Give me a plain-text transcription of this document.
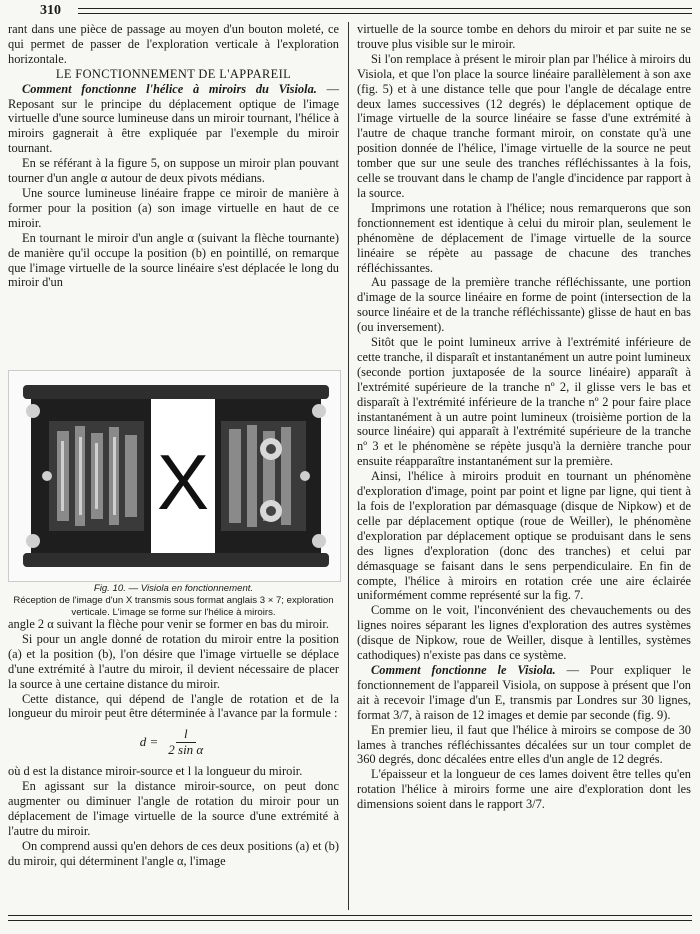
310

rant dans une pièce de passage au moyen d'un bouton moleté, ce qui permet de passer de l'exploration verticale à l'exploration horizontale.

LE FONCTIONNEMENT DE L'APPAREIL

Comment fonctionne l'hélice à miroirs du Visiola. — Reposant sur le principe du déplacement optique de l'image virtuelle d'une source lumineuse dans un miroir tournant, l'hélice à miroirs gagnerait à être expliquée par l'exemple du miroir tournant.

En se référant à la figure 5, on suppose un miroir plan pouvant tourner d'un angle α autour de deux pivots médians.

Une source lumineuse linéaire frappe ce miroir de manière à former pour la position (a) son image virtuelle en haut de ce miroir.

En tournant le miroir d'un angle α (suivant la flèche tournante) de manière qu'il occupe la position (b) en pointillé, on remarque que l'image virtuelle de la source linéaire s'est déplacée le long du miroir d'un

X
Fig. 10. — Visiola en fonctionnement.
Réception de l'image d'un X transmis sous format anglais 3 × 7; exploration verticale. L'image se forme sur l'hélice à miroirs.

angle 2 α suivant la flèche pour venir se former en bas du miroir.

Si pour un angle donné de rotation du miroir entre la position (a) et la position (b), l'on désire que l'image virtuelle se déplace d'une extrémité à l'autre du miroir, il devient nécessaire de placer la source à une certaine distance du miroir.

Cette distance, qui dépend de l'angle de rotation et de la longueur du miroir peut être déterminée à l'avance par la formule :

$d = \frac{l}{\text{2 sin α}}$

où d est la distance miroir-source et l la longueur du miroir.

En agissant sur la distance miroir-source, on peut donc augmenter ou diminuer l'angle de rotation du miroir pour un déplacement de l'image virtuelle de la source d'une extrémité à l'autre du miroir.

On comprend aussi qu'en dehors de ces deux positions (a) et (b) du miroir, qui déterminent l'angle α, l'image

virtuelle de la source tombe en dehors du miroir et par suite ne se trouve plus visible sur le miroir.

Si l'on remplace à présent le miroir plan par l'hélice à miroirs du Visiola, et que l'on place la source linéaire parallèlement à son axe (fig. 5) et à une distance telle que pour l'angle de décalage entre deux lames successives (12 degrés) le déplacement optique de l'image virtuelle de la source linéaire se fasse d'une extrémité à l'autre de chaque tranche formant miroir, on constate qu'à une position donnée de l'hélice, l'image virtuelle de la source ne peut tomber que sur une seule des tranches réfléchissantes à la fois, celle se trouvant dans le champ de l'angle d'incidence par rapport à la source.

Imprimons une rotation à l'hélice; nous remarquerons que son fonctionnement est identique à celui du miroir plan, seulement le phénomène de déplacement de l'image virtuelle de la source linéaire se répète au passage de chacune des tranches réfléchissantes.

Au passage de la première tranche réfléchissante, une portion d'image de la source linéaire en forme de point (intersection de la source linéaire et de la tranche réfléchissante) glisse de haut en bas (ou inversement).

Sitôt que le point lumineux arrive à l'extrémité inférieure de cette tranche, il disparaît et instantanément un autre point lumineux (seconde portion juxtaposée de la source linéaire) apparaît à l'extrémité supérieure de la tranche nº 2, il glisse vers le bas et disparaît à l'extrémité inférieure de la tranche nº 2 pour faire place instantanément à un autre point lumineux (troisième portion de la source linéaire) qui apparaît à l'extrémité supérieure de la tranche nº 3 et le phénomène se répète jusqu'à la dernière tranche pour ensuite réapparaître instantanément sur la première.

Ainsi, l'hélice à miroirs produit en tournant un phénomène d'exploration d'image, point par point et ligne par ligne, qui tient à la fois de l'exploration par démasquage (disque de Nipkow) et de celle par déplacement optique (roue de Weiller), le phénomène d'exploration par déplacement optique se produisant dans le sens des lignes d'exploration (donc des tranches) et celui par démasquage se faisant dans le sens perpendiculaire. En fin de compte, l'hélice à miroirs en rotation crée une aire éclairée uniformément comme représenté sur la fig. 7.

Comme on le voit, l'inconvénient des chevauchements ou des lignes noires séparant les lignes d'exploration des autres systèmes (disque de Nipkow, roue de Weiller, disque à lentilles, systèmes cathodiques) n'existe pas dans ce système.

Comment fonctionne le Visiola. — Pour expliquer le fonctionnement de l'appareil Visiola, on suppose à présent que l'on ait à recevoir l'image d'un E, transmis par Londres sur 30 lignes, format 3/7, à raison de 12 images et demie par seconde (fig. 9).

En premier lieu, il faut que l'hélice à miroirs se compose de 30 lames à tranches réfléchissantes décalées sur un tour complet de 360 degrés, donc décalées entre elles d'un angle de 12 degrés.

L'épaisseur et la longueur de ces lames doivent être telles qu'en rotation l'hélice à miroirs forme une aire d'exploration dont les dimensions soient dans le rapport 3/7.
